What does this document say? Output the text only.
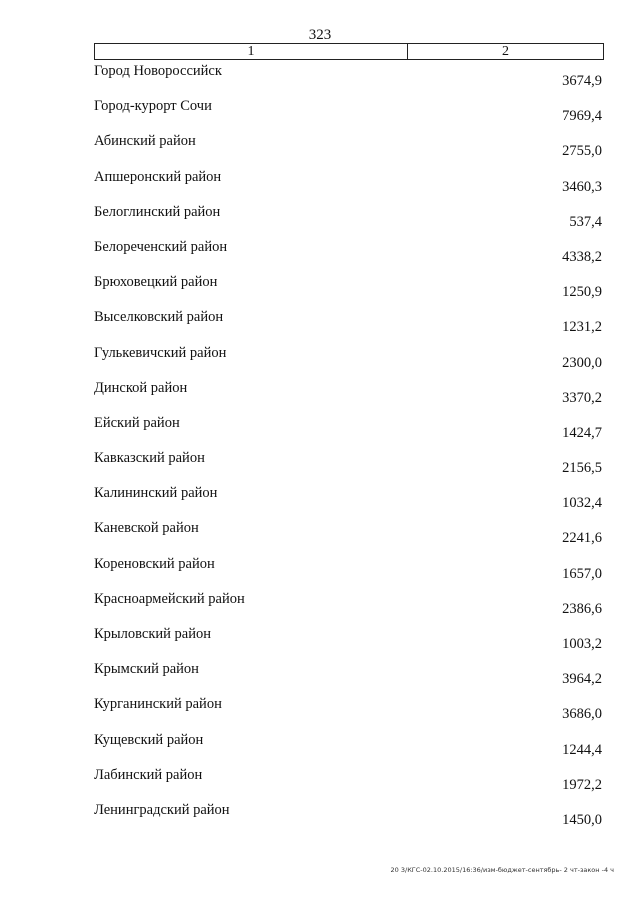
323
1	2
Город Новороссийск
3674,9
Город-курорт Сочи
7969,4
Абинский район
2755,0
Апшеронский район
3460,3
Белоглинский район
537,4
Белореченский район
4338,2
Брюховецкий район
1250,9
Выселковский район
1231,2
Гулькевичский район
2300,0
Динской район
3370,2
Ейский район
1424,7
Кавказский район
2156,5
Калининский район
1032,4
Каневской район
2241,6
Кореновский район
1657,0
Красноармейский район
2386,6
Крыловский район
1003,2
Крымский район
3964,2
Курганинский район
3686,0
Кущевский район
1244,4
Лабинский район
1972,2
Ленинградский район
1450,0
20 3/КГС-02.10.2015/16:36/изм-бюджет-сентябрь- 2 чт-закон -4 ч
